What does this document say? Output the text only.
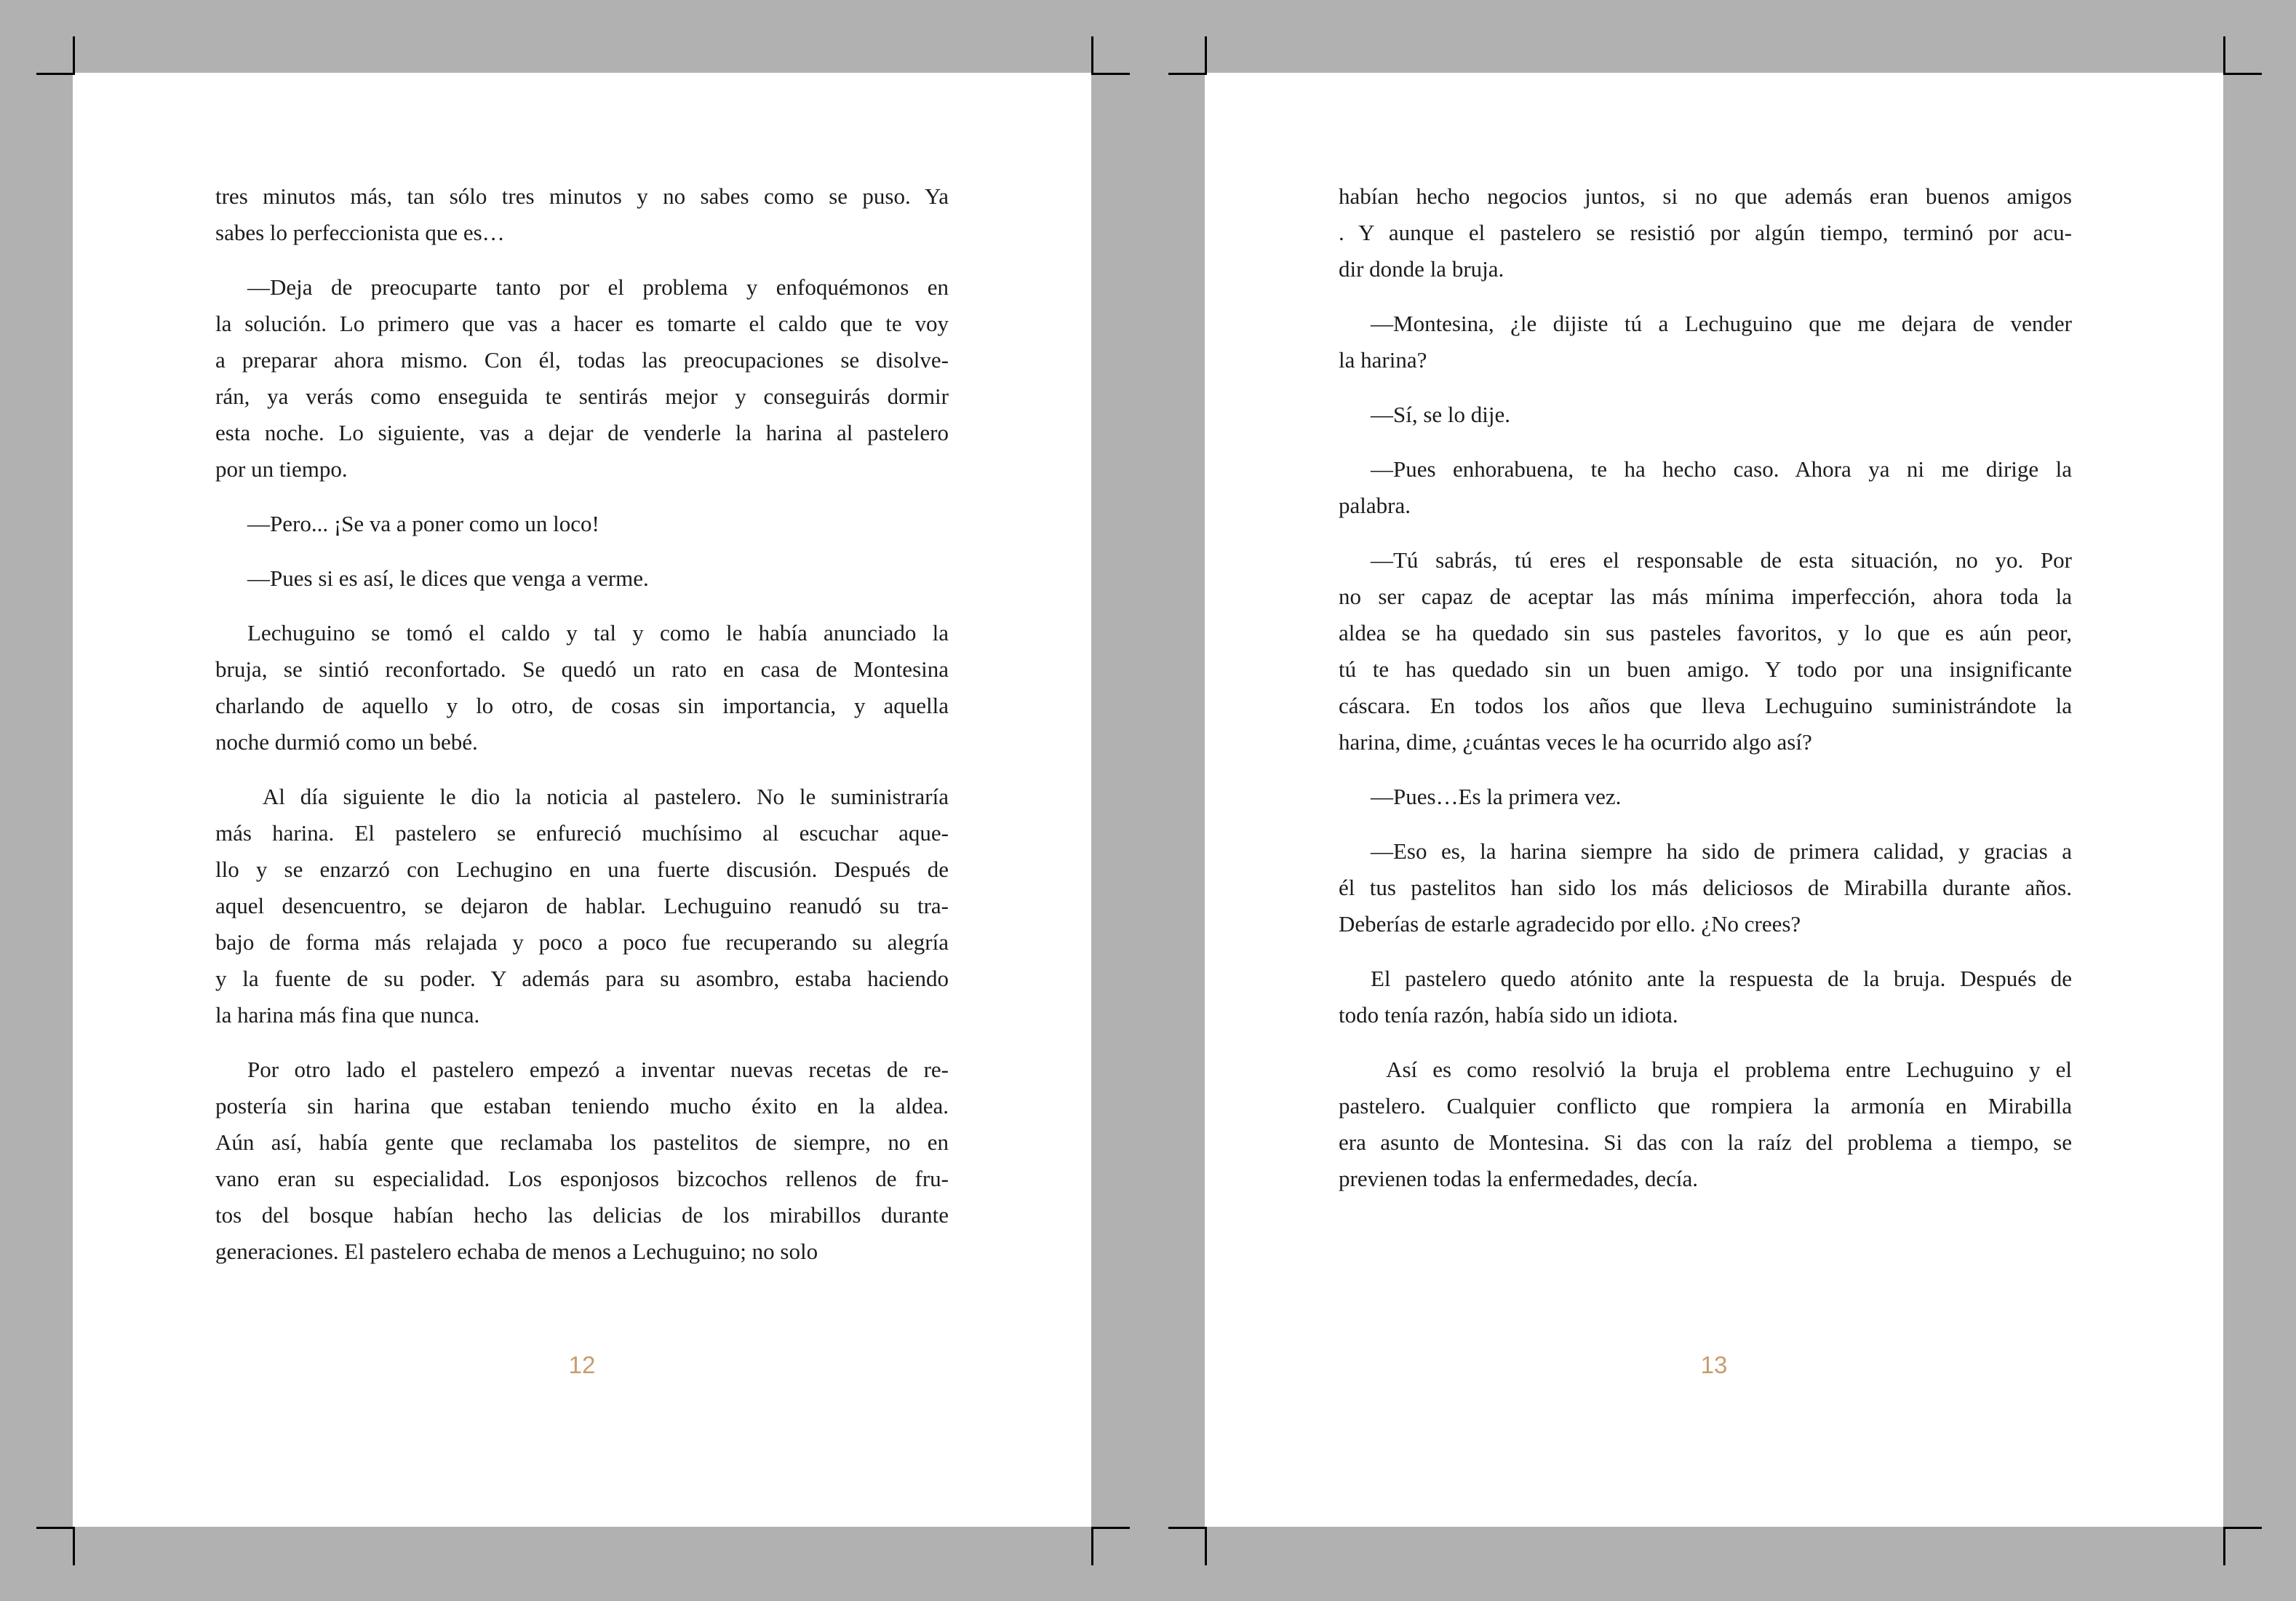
tres minutos más, tan sólo tres minutos y no sabes como se puso. Ya
sabes lo perfeccionista que es…
—Deja de preocuparte tanto por el problema y enfoquémonos en
la solución. Lo primero que vas a hacer es tomarte el caldo que te voy
a preparar ahora mismo. Con él, todas las preocupaciones se disolve-
rán, ya verás como enseguida te sentirás mejor y conseguirás dormir
esta noche. Lo siguiente, vas a dejar de venderle la harina al pastelero
por un tiempo.
—Pero... ¡Se va a poner como un loco!
—Pues si es así, le dices que venga a verme.
Lechuguino se tomó el caldo y tal y como le había anunciado la
bruja, se sintió reconfortado. Se quedó un rato en casa de Montesina
charlando de aquello y lo otro, de cosas sin importancia, y aquella
noche durmió como un bebé.
Al día siguiente le dio la noticia al pastelero. No le suministraría
más harina. El pastelero se enfureció muchísimo al escuchar aque-
llo y se enzarzó con Lechugino en una fuerte discusión. Después de
aquel desencuentro, se dejaron de hablar. Lechuguino reanudó su tra-
bajo de forma más relajada y poco a poco fue recuperando su alegría
y la fuente de su poder. Y además para su asombro, estaba haciendo
la harina más fina que nunca.
Por otro lado el pastelero empezó a inventar nuevas recetas de re-
postería sin harina que estaban teniendo mucho éxito en la aldea.
Aún así, había gente que reclamaba los pastelitos de siempre, no en
vano eran su especialidad. Los esponjosos bizcochos rellenos de fru-
tos del bosque habían hecho las delicias de los mirabillos durante
generaciones. El pastelero echaba de menos a Lechuguino; no solo
12
habían hecho negocios juntos, si no que además eran buenos amigos
. Y aunque el pastelero se resistió por algún tiempo, terminó por acu-
dir donde la bruja.
—Montesina, ¿le dijiste tú a Lechuguino que me dejara de vender
la harina?
—Sí, se lo dije.
—Pues enhorabuena, te ha hecho caso. Ahora ya ni me dirige la
palabra.
—Tú sabrás, tú eres el responsable de esta situación, no yo. Por
no ser capaz de aceptar las más mínima imperfección, ahora toda la
aldea se ha quedado sin sus pasteles favoritos, y lo que es aún peor,
tú te has quedado sin un buen amigo. Y todo por una insignificante
cáscara. En todos los años que lleva Lechuguino suministrándote la
harina, dime, ¿cuántas veces le ha ocurrido algo así?
—Pues…Es la primera vez.
—Eso es, la harina siempre ha sido de primera calidad, y gracias a
él tus pastelitos han sido los más deliciosos de Mirabilla durante años.
Deberías de estarle agradecido por ello. ¿No crees?
El pastelero quedo atónito ante la respuesta de la bruja. Después de
todo tenía razón, había sido un idiota.
Así es como resolvió la bruja el problema entre Lechuguino y el
pastelero. Cualquier conflicto que rompiera la armonía en Mirabilla
era asunto de Montesina. Si das con la raíz del problema a tiempo, se
previenen todas la enfermedades, decía.
13
